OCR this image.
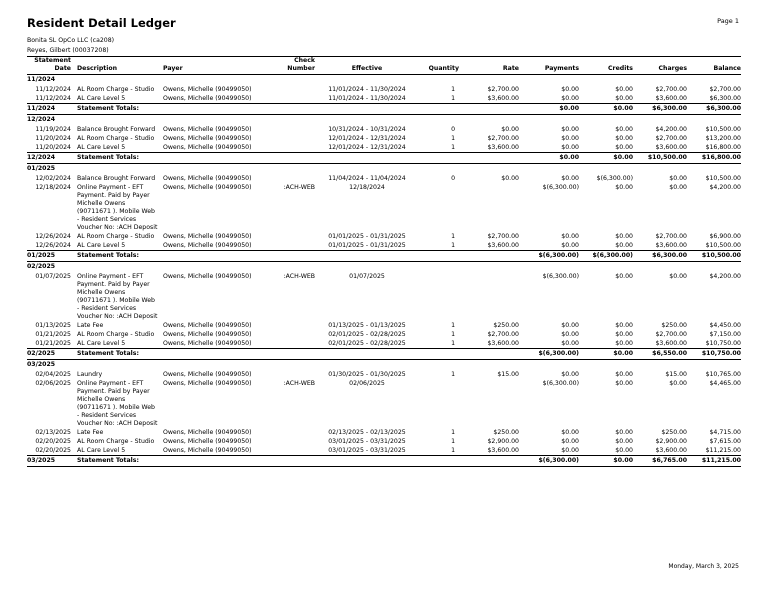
Resident Detail Ledger	Page 1
Bonita SL OpCo LLC (ca208)
Reyes, Gilbert (00037208)
Statement
Date	Description	Payer	Check
Number	Effective	Quantity	Rate	Payments	Credits	Charges	Balance
11/2024										
11/12/2024	AL Room Charge - Studio	Owens, Michelle (90499050)		11/01/2024 - 11/30/2024	1	$2,700.00	$0.00	$0.00	$2,700.00	$2,700.00
11/12/2024	AL Care Level 5	Owens, Michelle (90499050)		11/01/2024 - 11/30/2024	1	$3,600.00	$0.00	$0.00	$3,600.00	$6,300.00
11/2024	Statement Totals:						$0.00	$0.00	$6,300.00	$6,300.00
12/2024										
11/19/2024	Balance Brought Forward	Owens, Michelle (90499050)		10/31/2024 - 10/31/2024	0	$0.00	$0.00	$0.00	$4,200.00	$10,500.00
11/20/2024	AL Room Charge - Studio	Owens, Michelle (90499050)		12/01/2024 - 12/31/2024	1	$2,700.00	$0.00	$0.00	$2,700.00	$13,200.00
11/20/2024	AL Care Level 5	Owens, Michelle (90499050)		12/01/2024 - 12/31/2024	1	$3,600.00	$0.00	$0.00	$3,600.00	$16,800.00
12/2024	Statement Totals:						$0.00	$0.00	$10,500.00	$16,800.00
01/2025										
12/02/2024	Balance Brought Forward	Owens, Michelle (90499050)		11/04/2024 - 11/04/2024	0	$0.00	$0.00	$(6,300.00)	$0.00	$10,500.00
12/18/2024	Online Payment - EFT Payment. Paid by Payer Michelle Owens (90711671 ). Mobile Web - Resident Services Voucher No: :ACH Deposit	Owens, Michelle (90499050)	:ACH-WEB	12/18/2024			$(6,300.00)	$0.00	$0.00	$4,200.00
12/26/2024	AL Room Charge - Studio	Owens, Michelle (90499050)		01/01/2025 - 01/31/2025	1	$2,700.00	$0.00	$0.00	$2,700.00	$6,900.00
12/26/2024	AL Care Level 5	Owens, Michelle (90499050)		01/01/2025 - 01/31/2025	1	$3,600.00	$0.00	$0.00	$3,600.00	$10,500.00
01/2025	Statement Totals:						$(6,300.00)	$(6,300.00)	$6,300.00	$10,500.00
02/2025										
01/07/2025	Online Payment - EFT Payment. Paid by Payer Michelle Owens (90711671 ). Mobile Web - Resident Services Voucher No: :ACH Deposit	Owens, Michelle (90499050)	:ACH-WEB	01/07/2025			$(6,300.00)	$0.00	$0.00	$4,200.00
01/13/2025	Late Fee	Owens, Michelle (90499050)		01/13/2025 - 01/13/2025	1	$250.00	$0.00	$0.00	$250.00	$4,450.00
01/21/2025	AL Room Charge - Studio	Owens, Michelle (90499050)		02/01/2025 - 02/28/2025	1	$2,700.00	$0.00	$0.00	$2,700.00	$7,150.00
01/21/2025	AL Care Level 5	Owens, Michelle (90499050)		02/01/2025 - 02/28/2025	1	$3,600.00	$0.00	$0.00	$3,600.00	$10,750.00
02/2025	Statement Totals:						$(6,300.00)	$0.00	$6,550.00	$10,750.00
03/2025										
02/04/2025	Laundry	Owens, Michelle (90499050)		01/30/2025 - 01/30/2025	1	$15.00	$0.00	$0.00	$15.00	$10,765.00
02/06/2025	Online Payment - EFT Payment. Paid by Payer Michelle Owens (90711671 ). Mobile Web - Resident Services Voucher No: :ACH Deposit	Owens, Michelle (90499050)	:ACH-WEB	02/06/2025			$(6,300.00)	$0.00	$0.00	$4,465.00
02/13/2025	Late Fee	Owens, Michelle (90499050)		02/13/2025 - 02/13/2025	1	$250.00	$0.00	$0.00	$250.00	$4,715.00
02/20/2025	AL Room Charge - Studio	Owens, Michelle (90499050)		03/01/2025 - 03/31/2025	1	$2,900.00	$0.00	$0.00	$2,900.00	$7,615.00
02/20/2025	AL Care Level 5	Owens, Michelle (90499050)		03/01/2025 - 03/31/2025	1	$3,600.00	$0.00	$0.00	$3,600.00	$11,215.00
03/2025	Statement Totals:						$(6,300.00)	$0.00	$6,765.00	$11,215.00
Monday, March 3, 2025
